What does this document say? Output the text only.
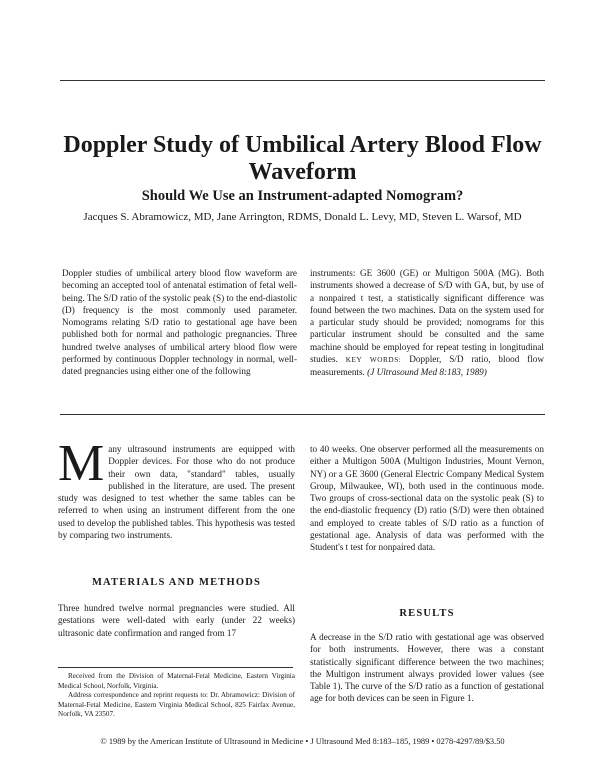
Doppler Study of Umbilical Artery Blood Flow Waveform
Should We Use an Instrument-adapted Nomogram?
Jacques S. Abramowicz, MD, Jane Arrington, RDMS, Donald L. Levy, MD, Steven L. Warsof, MD

Doppler studies of umbilical artery blood flow waveform are becoming an accepted tool of antenatal estimation of fetal well-being. The S/D ratio of the systolic peak (S) to the end-diastolic (D) frequency is the most commonly used parameter. Nomograms relating S/D ratio to gestational age have been published both for normal and pathologic pregnancies. Three hundred twelve analyses of umbilical artery blood flow were performed by continuous Doppler technology in normal, well-dated pregnancies using either one of the following

instruments: GE 3600 (GE) or Multigon 500A (MG). Both instruments showed a decrease of S/D with GA, but, by use of a nonpaired t test, a statistically significant difference was found between the two machines. Data on the system used for a particular study should be provided; nomograms for this particular instrument should be consulted and the same machine should be employed for repeat testing in longitudinal studies. KEY WORDS: Doppler, S/D ratio, blood flow measurements. (J Ultrasound Med 8:183, 1989)

Many ultrasound instruments are equipped with Doppler devices. For those who do not produce their own data, "standard" tables, usually published in the literature, are used. The present study was designed to test whether the same tables can be referred to when using an instrument different from the one used to develop the published tables. This hypothesis was tested by comparing two instruments.

to 40 weeks. One observer performed all the measurements on either a Multigon 500A (Multigon Industries, Mount Vernon, NY) or a GE 3600 (General Electric Company Medical System Group, Milwaukee, WI), both used in the continuous mode. Two groups of cross-sectional data on the systolic peak (S) to the end-diastolic frequency (D) ratio (S/D) were then obtained and employed to create tables of S/D ratio as a function of gestational age. Analysis of data was performed with the Student's t test for nonpaired data.

MATERIALS AND METHODS

Three hundred twelve normal pregnancies were studied. All gestations were well-dated with early (under 22 weeks) ultrasonic date confirmation and ranged from 17

RESULTS

A decrease in the S/D ratio with gestational age was observed for both instruments. However, there was a constant statistically significant difference between the two machines; the Multigon instrument always provided lower values (see Table 1). The curve of the S/D ratio as a function of gestational age for both devices can be seen in Figure 1.

Received from the Division of Maternal-Fetal Medicine, Eastern Virginia Medical School, Norfolk, Virginia.

Address correspondence and reprint requests to: Dr. Abramowicz: Division of Maternal-Fetal Medicine, Eastern Virginia Medical School, 825 Fairfax Avenue, Norfolk, VA 23507.

© 1989 by the American Institute of Ultrasound in Medicine • J Ultrasound Med 8:183–185, 1989 • 0278-4297/89/$3.50
